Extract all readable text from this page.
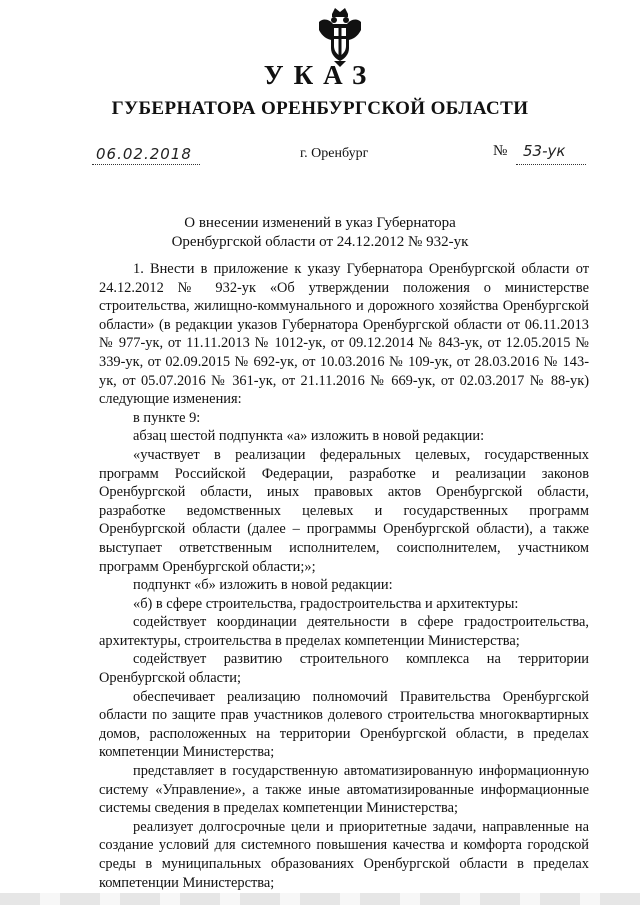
УКАЗ
ГУБЕРНАТОРА ОРЕНБУРГСКОЙ ОБЛАСТИ
06.02.2018	г. Оренбург	№ 53-ук
О внесении изменений в указ Губернатора
Оренбургской области от 24.12.2012 № 932-ук

1. Внести в приложение к указу Губернатора Оренбургской области от 24.12.2012 № 932-ук «Об утверждении положения о министерстве строительства, жилищно-коммунального и дорожного хозяйства Оренбургской области» (в редакции указов Губернатора Оренбургской области от 06.11.2013 № 977-ук, от 11.11.2013 № 1012-ук, от 09.12.2014 № 843-ук, от 12.05.2015 № 339-ук, от 02.09.2015 № 692-ук, от 10.03.2016 № 109-ук, от 28.03.2016 № 143-ук, от 05.07.2016 № 361-ук, от 21.11.2016 № 669-ук, от 02.03.2017 № 88-ук) следующие изменения:

в пункте 9:

абзац шестой подпункта «а» изложить в новой редакции:

«участвует в реализации федеральных целевых, государственных программ Российской Федерации, разработке и реализации законов Оренбургской области, иных правовых актов Оренбургской области, разработке ведомственных целевых и государственных программ Оренбургской области (далее – программы Оренбургской области), а также выступает ответственным исполнителем, соисполнителем, участником программ Оренбургской области;»;

подпункт «б» изложить в новой редакции:

«б) в сфере строительства, градостроительства и архитектуры:

содействует координации деятельности в сфере градостроительства, архитектуры, строительства в пределах компетенции Министерства;

содействует развитию строительного комплекса на территории Оренбургской области;

обеспечивает реализацию полномочий Правительства Оренбургской области по защите прав участников долевого строительства многоквартирных домов, расположенных на территории Оренбургской области, в пределах компетенции Министерства;

представляет в государственную автоматизированную информационную систему «Управление», а также иные автоматизированные информационные системы сведения в пределах компетенции Министерства;

реализует долгосрочные цели и приоритетные задачи, направленные на создание условий для системного повышения качества и комфорта городской среды в муниципальных образованиях Оренбургской области в пределах компетенции Министерства;
